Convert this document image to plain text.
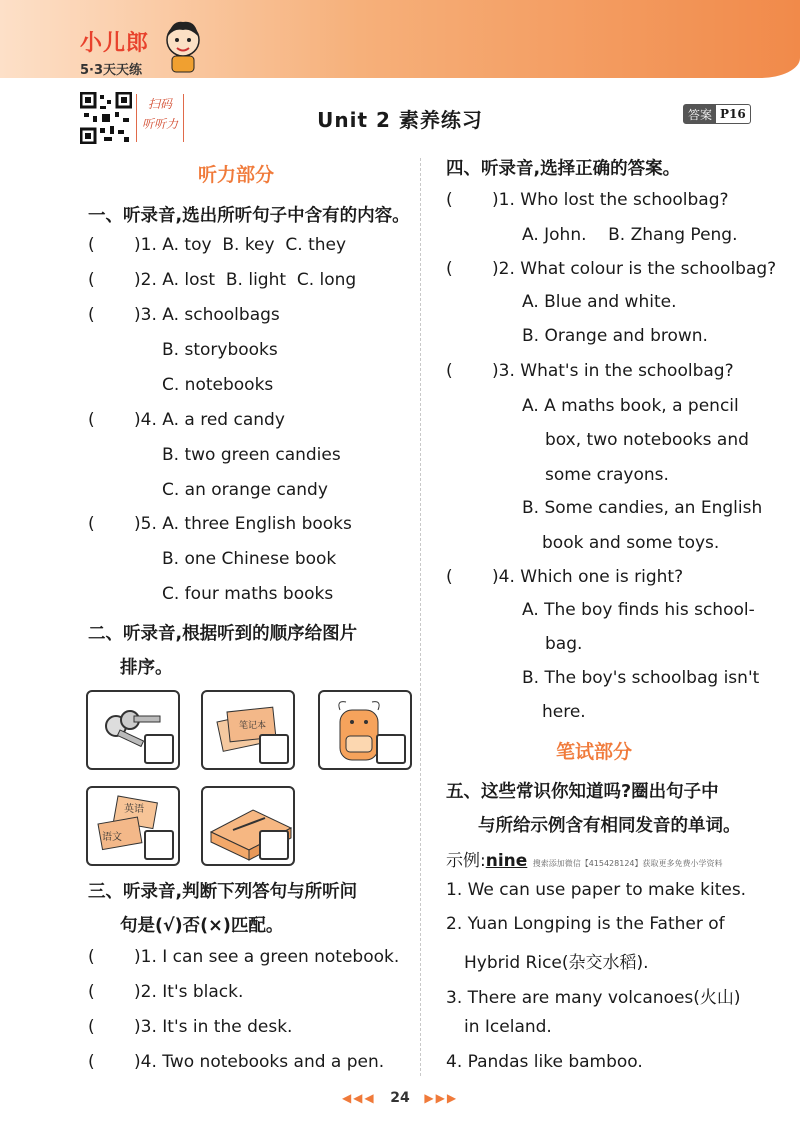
小儿郎
5·3天天练
扫码
听听力	Unit 2 素养练习	答案 P16
听力部分
一、听录音,选出所听句子中含有的内容。
( )1. A. toy B. key C. they
( )2. A. lost B. light C. long
( )3. A. schoolbags
B. storybooks
C. notebooks
( )4. A. a red candy
B. two green candies
C. an orange candy
( )5. A. three English books
B. one Chinese book
C. four maths books
二、听录音,根据听到的顺序给图片
排序。
笔记本
英语
语文
三、听录音,判断下列答句与所听问
句是(√)否(×)匹配。
( )1. I can see a green notebook.
( )2. It's black.
( )3. It's in the desk.
( )4. Two notebooks and a pen.
四、听录音,选择正确的答案。
( )1. Who lost the schoolbag?
A. John. B. Zhang Peng.
( )2. What colour is the schoolbag?
A. Blue and white.
B. Orange and brown.
( )3. What's in the schoolbag?
A. A maths book, a pencil
box, two notebooks and
some crayons.
B. Some candies, an English
book and some toys.
( )4. Which one is right?
A. The boy finds his school-
bag.
B. The boy's schoolbag isn't
here.
笔试部分
五、这些常识你知道吗?圈出句子中
与所给示例含有相同发音的单词。
示例:nine 搜索添加微信【415428124】获取更多免费小学资料
1. We can use paper to make kites.
2. Yuan Longping is the Father of
Hybrid Rice(杂交水稻).
3. There are many volcanoes(火山)
in Iceland.
4. Pandas like bamboo.
◀◀◀ 24 ▶▶▶
